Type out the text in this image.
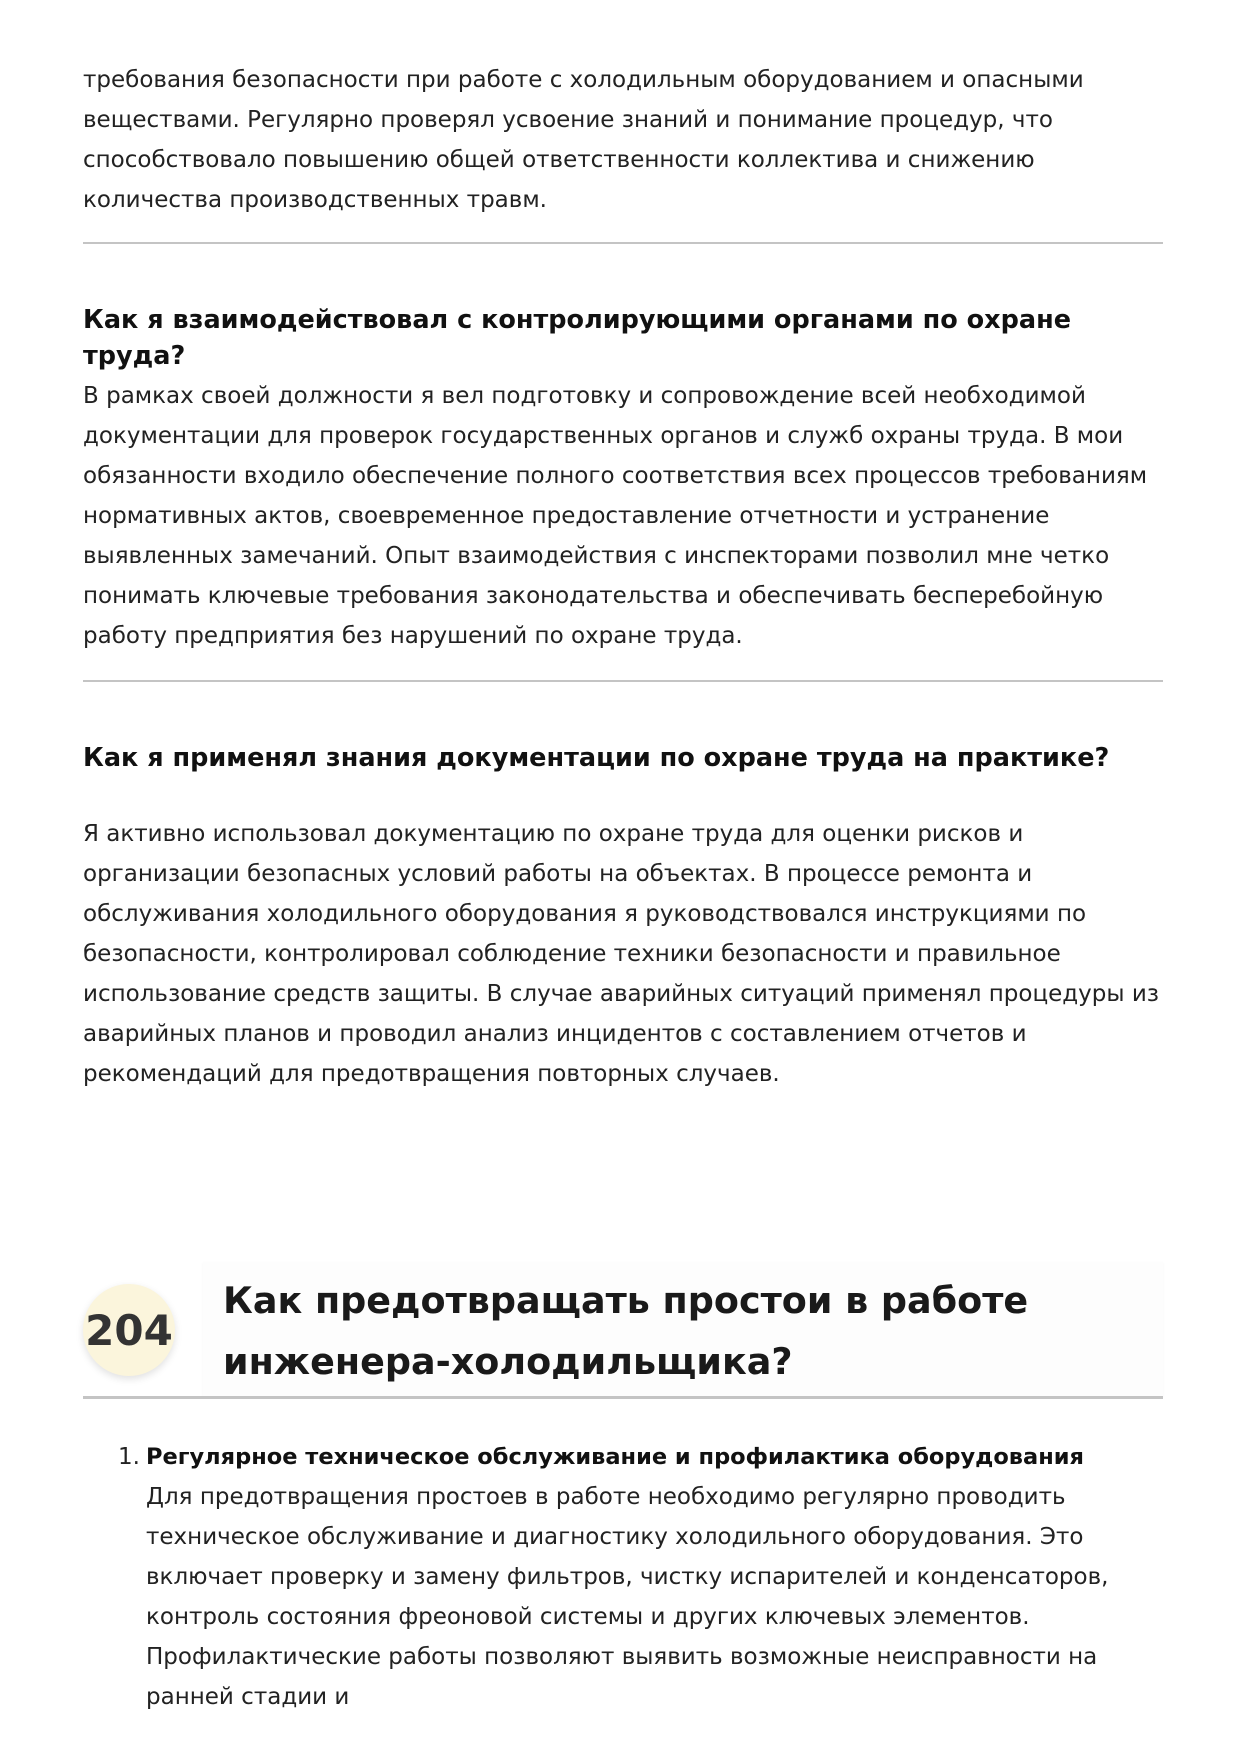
требования безопасности при работе с холодильным оборудованием и опасными веществами. Регулярно проверял усвоение знаний и понимание процедур, что способствовало повышению общей ответственности коллектива и снижению количества производственных травм.

Как я взаимодействовал с контролирующими органами по охране труда?

В рамках своей должности я вел подготовку и сопровождение всей необходимой документации для проверок государственных органов и служб охраны труда. В мои обязанности входило обеспечение полного соответствия всех процессов требованиям нормативных актов, своевременное предоставление отчетности и устранение выявленных замечаний. Опыт взаимодействия с инспекторами позволил мне четко понимать ключевые требования законодательства и обеспечивать бесперебойную работу предприятия без нарушений по охране труда.

Как я применял знания документации по охране труда на практике?

Я активно использовал документацию по охране труда для оценки рисков и организации безопасных условий работы на объектах. В процессе ремонта и обслуживания холодильного оборудования я руководствовался инструкциями по безопасности, контролировал соблюдение техники безопасности и правильное использование средств защиты. В случае аварийных ситуаций применял процедуры из аварийных планов и проводил анализ инцидентов с составлением отчетов и рекомендаций для предотвращения повторных случаев.

204
Как предотвращать простои в работе инженера-холодильщика?
1. Регулярное техническое обслуживание и профилактика оборудования

Для предотвращения простоев в работе необходимо регулярно проводить техническое обслуживание и диагностику холодильного оборудования. Это включает проверку и замену фильтров, чистку испарителей и конденсаторов, контроль состояния фреоновой системы и других ключевых элементов. Профилактические работы позволяют выявить возможные неисправности на ранней стадии и
